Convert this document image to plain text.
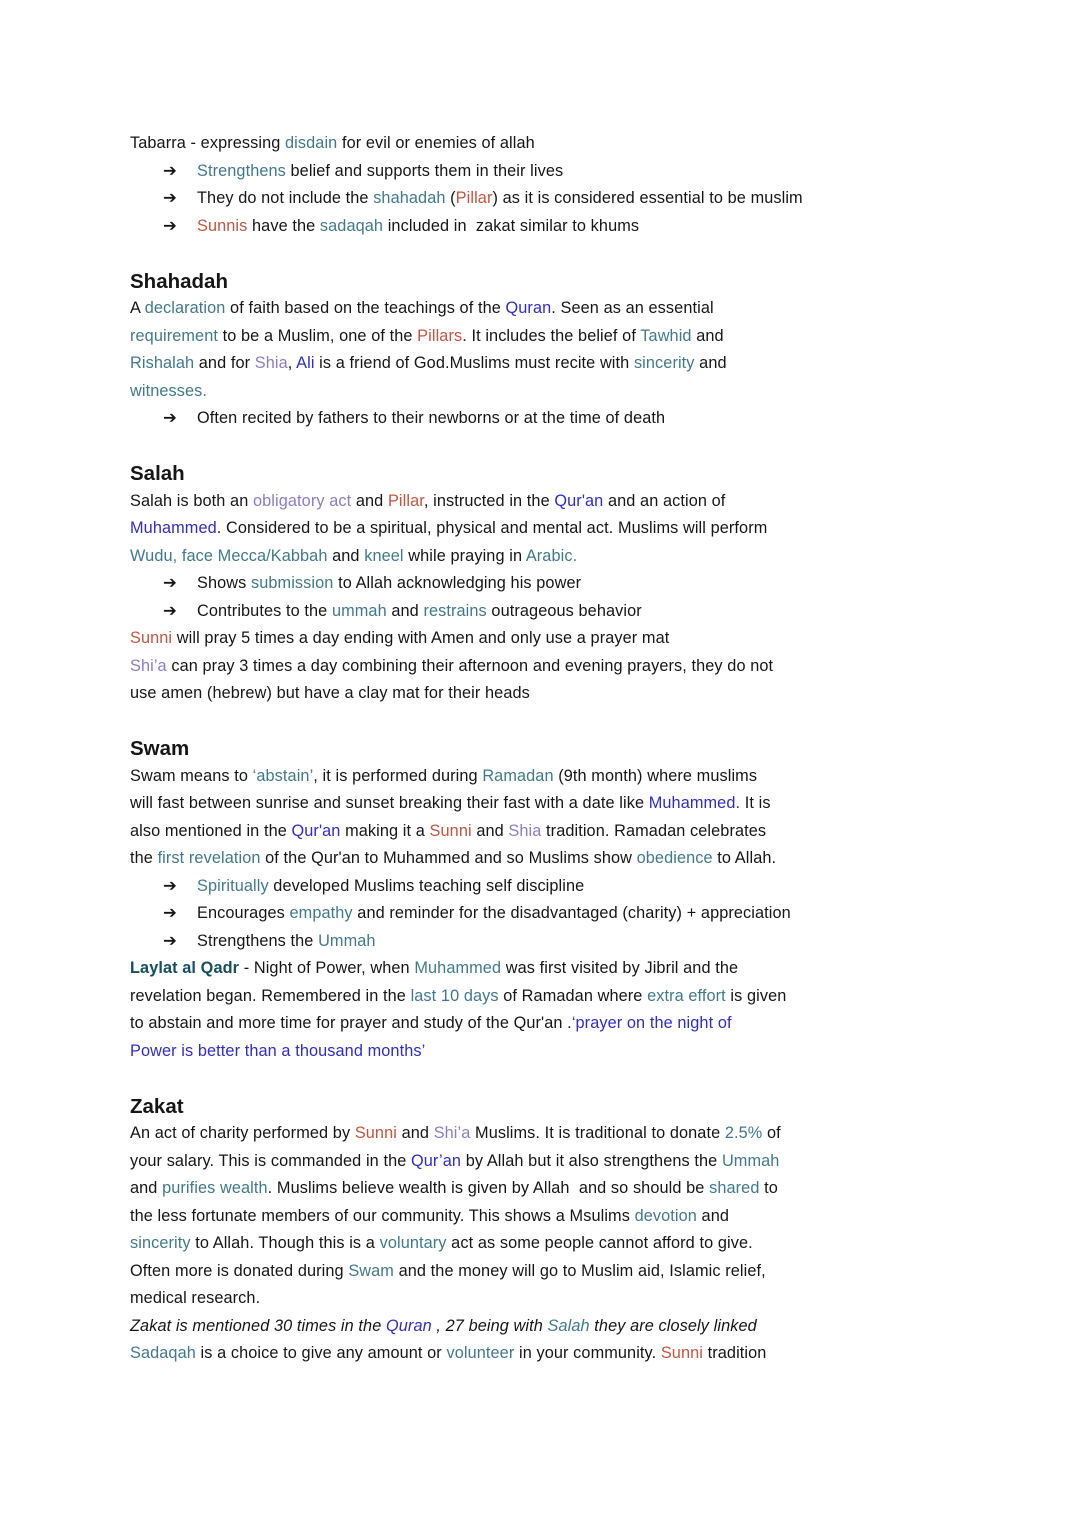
Tabarra - expressing disdain for evil or enemies of allah
➔ Strengthens belief and supports them in their lives
➔ They do not include the shahadah (Pillar) as it is considered essential to be muslim
➔ Sunnis have the sadaqah included in  zakat similar to khums
Shahadah
A declaration of faith based on the teachings of the Quran. Seen as an essential
requirement to be a Muslim, one of the Pillars. It includes the belief of Tawhid and
Rishalah and for Shia, Ali is a friend of God.Muslims must recite with sincerity and
witnesses.
➔ Often recited by fathers to their newborns or at the time of death
Salah
Salah is both an obligatory act and Pillar, instructed in the Qur'an and an action of
Muhammed. Considered to be a spiritual, physical and mental act. Muslims will perform
Wudu, face Mecca/Kabbah and kneel while praying in Arabic.
➔ Shows submission to Allah acknowledging his power
➔ Contributes to the ummah and restrains outrageous behavior
Sunni will pray 5 times a day ending with Amen and only use a prayer mat
Shi’a can pray 3 times a day combining their afternoon and evening prayers, they do not
use amen (hebrew) but have a clay mat for their heads
Swam
Swam means to ‘abstain’, it is performed during Ramadan (9th month) where muslims
will fast between sunrise and sunset breaking their fast with a date like Muhammed. It is
also mentioned in the Qur'an making it a Sunni and Shia tradition. Ramadan celebrates
the first revelation of the Qur'an to Muhammed and so Muslims show obedience to Allah.
➔ Spiritually developed Muslims teaching self discipline
➔ Encourages empathy and reminder for the disadvantaged (charity) + appreciation
➔ Strengthens the Ummah
Laylat al Qadr - Night of Power, when Muhammed was first visited by Jibril and the
revelation began. Remembered in the last 10 days of Ramadan where extra effort is given
to abstain and more time for prayer and study of the Qur'an .‘prayer on the night of
Power is better than a thousand months’
Zakat
An act of charity performed by Sunni and Shi’a Muslims. It is traditional to donate 2.5% of
your salary. This is commanded in the Qur’an by Allah but it also strengthens the Ummah
and purifies wealth. Muslims believe wealth is given by Allah  and so should be shared to
the less fortunate members of our community. This shows a Msulims devotion and
sincerity to Allah. Though this is a voluntary act as some people cannot afford to give.
Often more is donated during Swam and the money will go to Muslim aid, Islamic relief,
medical research.
Zakat is mentioned 30 times in the Quran , 27 being with Salah they are closely linked
Sadaqah is a choice to give any amount or volunteer in your community. Sunni tradition
